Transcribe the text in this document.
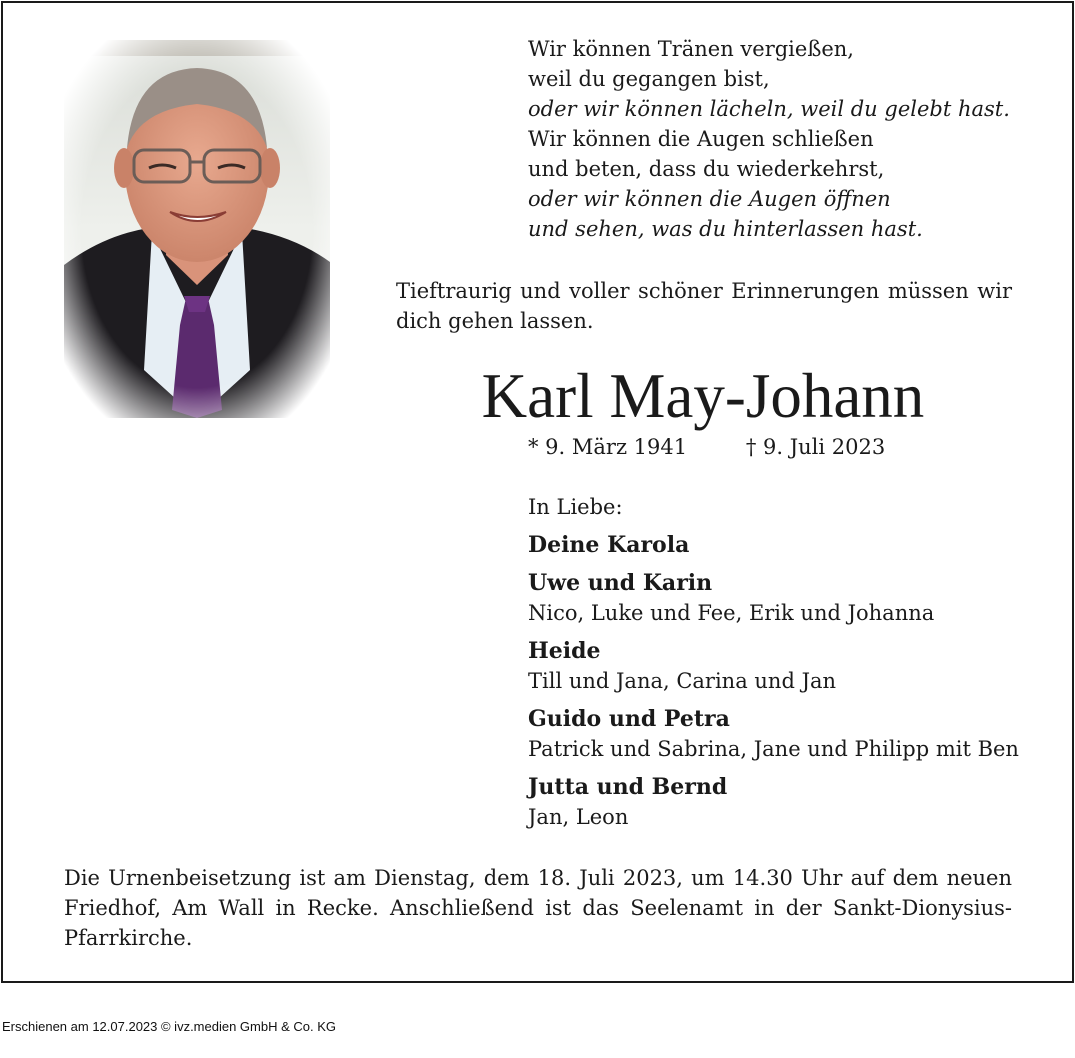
Wir können Tränen vergießen,
weil du gegangen bist,
oder wir können lächeln, weil du gelebt hast.
Wir können die Augen schließen
und beten, dass du wiederkehrst,
oder wir können die Augen öffnen
und sehen, was du hinterlassen hast.
Tieftraurig und voller schöner Erinnerungen müssen wir dich gehen lassen.
Karl May-Johann
* 9. März 1941	† 9. Juli 2023
In Liebe:
Deine Karola
Uwe und Karin
Nico, Luke und Fee, Erik und Johanna
Heide
Till und Jana, Carina und Jan
Guido und Petra
Patrick und Sabrina, Jane und Philipp mit Ben
Jutta und Bernd
Jan, Leon
Die Urnenbeisetzung ist am Dienstag, dem 18. Juli 2023, um 14.30 Uhr auf dem neuen Friedhof, Am Wall in Recke. Anschließend ist das Seelenamt in der Sankt-Dionysius-Pfarrkirche.
Erschienen am 12.07.2023 © ivz.medien GmbH & Co. KG
